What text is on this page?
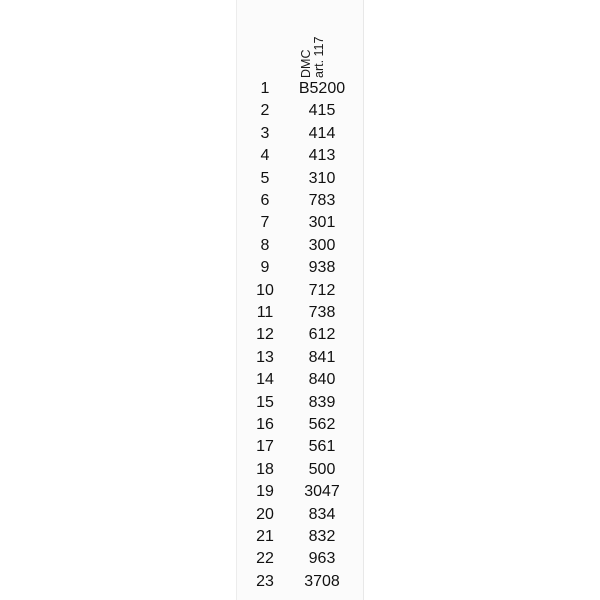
DMC art. 117
1	B5200
2	415
3	414
4	413
5	310
6	783
7	301
8	300
9	938
10	712
11	738
12	612
13	841
14	840
15	839
16	562
17	561
18	500
19	3047
20	834
21	832
22	963
23	3708
